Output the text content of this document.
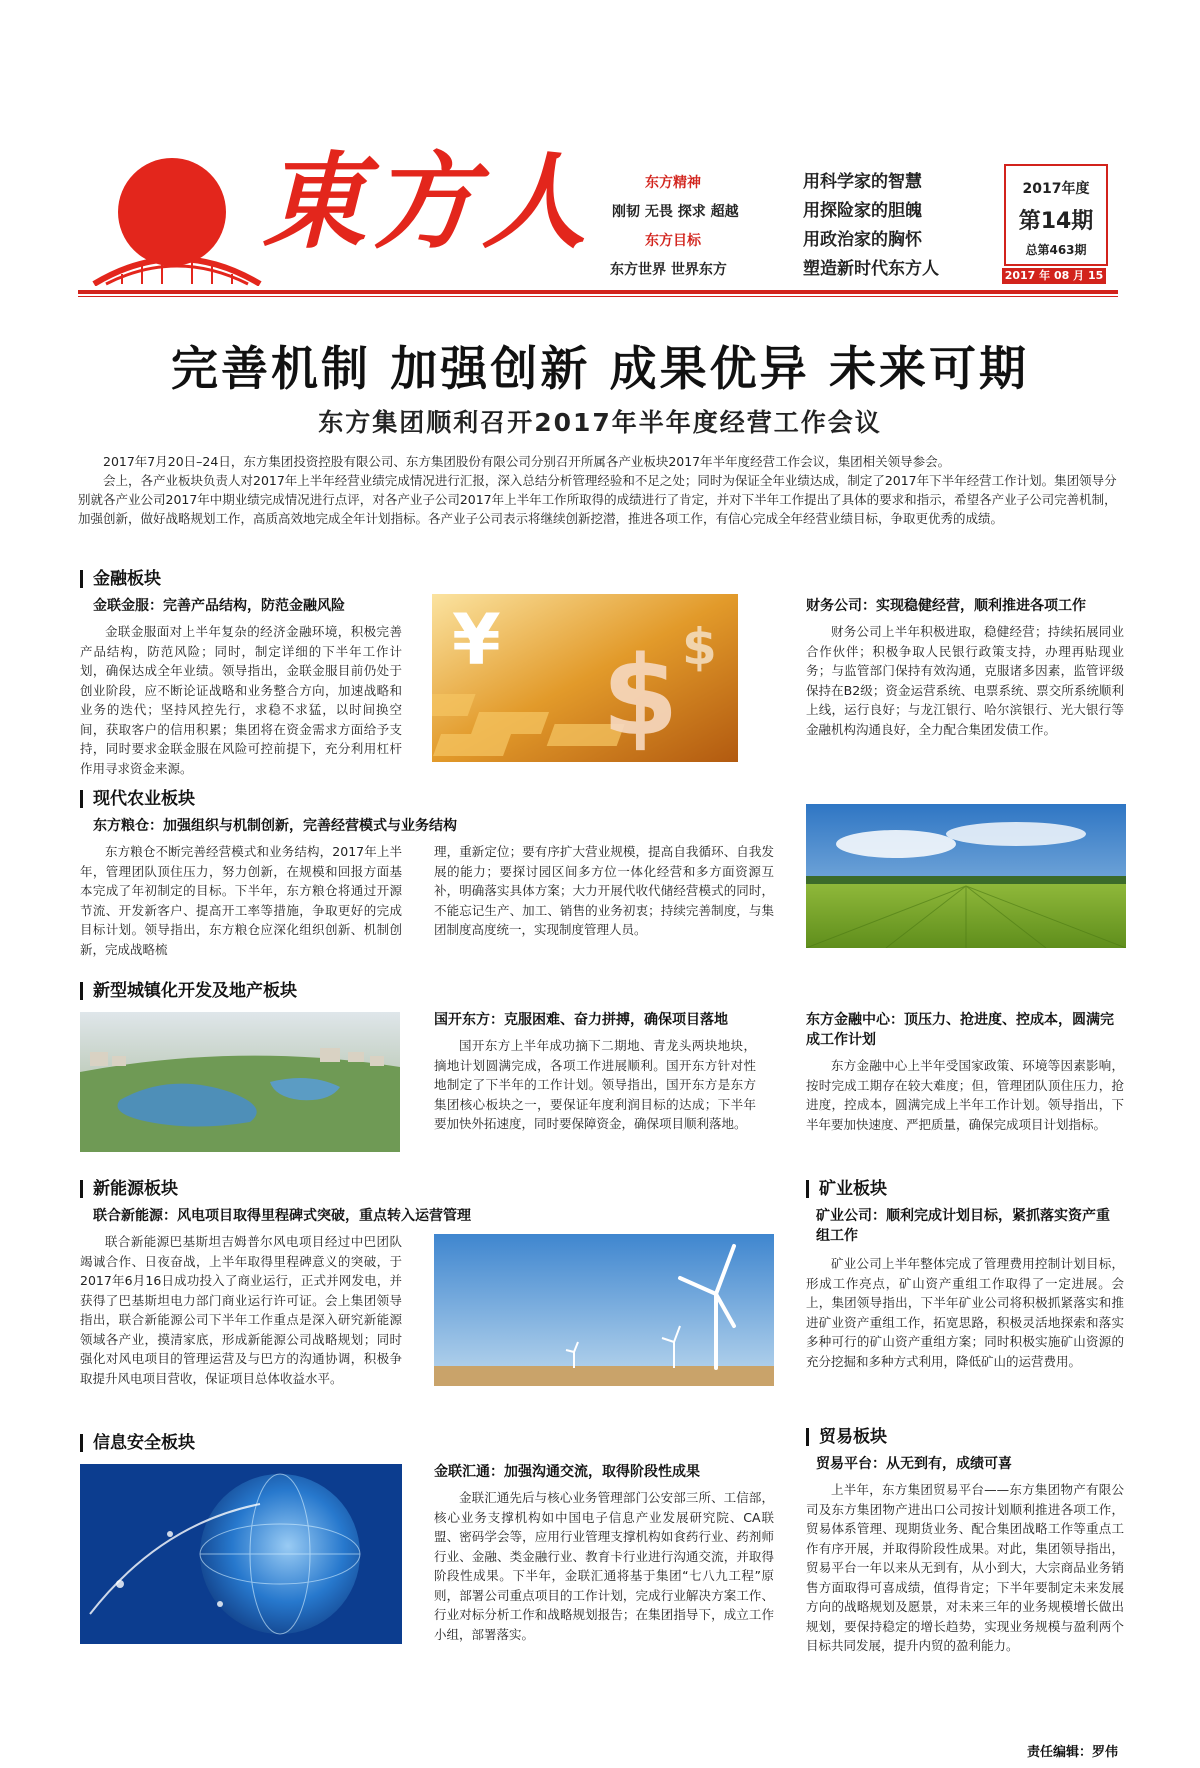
東方人	东方精神
刚韧 无畏 探求 超越
东方目标
东方世界 世界东方
用科学家的智慧
用探险家的胆魄
用政治家的胸怀
塑造新时代东方人
2017年度
第14期
总第463期
2017 年 08 月 15
完善机制 加强创新 成果优异 未来可期
东方集团顺利召开2017年半年度经营工作会议
2017年7月20日–24日，东方集团投资控股有限公司、东方集团股份有限公司分别召开所属各产业板块2017年半年度经营工作会议，集团相关领导参会。
会上，各产业板块负责人对2017年上半年经营业绩完成情况进行汇报，深入总结分析管理经验和不足之处；同时为保证全年业绩达成，制定了2017年下半年经营工作计划。集团领导分别就各产业公司2017年中期业绩完成情况进行点评，对各产业子公司2017年上半年工作所取得的成绩进行了肯定，并对下半年工作提出了具体的要求和指示，希望各产业子公司完善机制，加强创新，做好战略规划工作，高质高效地完成全年计划指标。各产业子公司表示将继续创新挖潜，推进各项工作，有信心完成全年经营业绩目标，争取更优秀的成绩。
金融板块
金联金服：完善产品结构，防范金融风险
金联金服面对上半年复杂的经济金融环境，积极完善产品结构，防范风险；同时，制定详细的下半年工作计划，确保达成全年业绩。领导指出，金联金服目前仍处于创业阶段，应不断论证战略和业务整合方向，加速战略和业务的迭代；坚持风控先行，求稳不求猛，以时间换空间，获取客户的信用积累；集团将在资金需求方面给予支持，同时要求金联金服在风险可控前提下，充分利用杠杆作用寻求资金来源。
¥ $ $
财务公司：实现稳健经营，顺利推进各项工作
财务公司上半年积极进取，稳健经营；持续拓展同业合作伙伴；积极争取人民银行政策支持，办理再贴现业务；与监管部门保持有效沟通，克服诸多因素，监管评级保持在B2级；资金运营系统、电票系统、票交所系统顺利上线，运行良好；与龙江银行、哈尔滨银行、光大银行等金融机构沟通良好，全力配合集团发债工作。
现代农业板块
东方粮仓：加强组织与机制创新，完善经营模式与业务结构
东方粮仓不断完善经营模式和业务结构，2017年上半年，管理团队顶住压力，努力创新，在规模和回报方面基本完成了年初制定的目标。下半年，东方粮仓将通过开源节流、开发新客户、提高开工率等措施，争取更好的完成目标计划。领导指出，东方粮仓应深化组织创新、机制创新，完成战略梳
理，重新定位；要有序扩大营业规模，提高自我循环、自我发展的能力；要探讨园区间多方位一体化经营和多方面资源互补，明确落实具体方案；大力开展代收代储经营模式的同时，不能忘记生产、加工、销售的业务初衷；持续完善制度，与集团制度高度统一，实现制度管理人员。
新型城镇化开发及地产板块
国开东方：克服困难、奋力拼搏，确保项目落地
国开东方上半年成功摘下二期地、青龙头两块地块，摘地计划圆满完成，各项工作进展顺利。国开东方针对性地制定了下半年的工作计划。领导指出，国开东方是东方集团核心板块之一，要保证年度利润目标的达成；下半年要加快外拓速度，同时要保障资金，确保项目顺利落地。
东方金融中心：顶压力、抢进度、控成本，圆满完成工作计划
东方金融中心上半年受国家政策、环境等因素影响，按时完成工期存在较大难度；但，管理团队顶住压力，抢进度，控成本，圆满完成上半年工作计划。领导指出，下半年要加快速度、严把质量，确保完成项目计划指标。
新能源板块
联合新能源：风电项目取得里程碑式突破，重点转入运营管理
联合新能源巴基斯坦吉姆普尔风电项目经过中巴团队竭诚合作、日夜奋战，上半年取得里程碑意义的突破，于2017年6月16日成功投入了商业运行，正式并网发电，并获得了巴基斯坦电力部门商业运行许可证。会上集团领导指出，联合新能源公司下半年工作重点是深入研究新能源领域各产业，摸清家底，形成新能源公司战略规划；同时强化对风电项目的管理运营及与巴方的沟通协调，积极争取提升风电项目营收，保证项目总体收益水平。
矿业板块
矿业公司：顺利完成计划目标，紧抓落实资产重组工作
矿业公司上半年整体完成了管理费用控制计划目标，形成工作亮点，矿山资产重组工作取得了一定进展。会上，集团领导指出，下半年矿业公司将积极抓紧落实和推进矿业资产重组工作，拓宽思路，积极灵活地探索和落实多种可行的矿山资产重组方案；同时积极实施矿山资源的充分挖掘和多种方式利用，降低矿山的运营费用。
信息安全板块
金联汇通：加强沟通交流，取得阶段性成果
金联汇通先后与核心业务管理部门公安部三所、工信部，核心业务支撑机构如中国电子信息产业发展研究院、CA联盟、密码学会等，应用行业管理支撑机构如食药行业、药剂师行业、金融、类金融行业、教育卡行业进行沟通交流，并取得阶段性成果。下半年，金联汇通将基于集团“七八九工程”原则，部署公司重点项目的工作计划，完成行业解决方案工作、行业对标分析工作和战略规划报告；在集团指导下，成立工作小组，部署落实。
贸易板块
贸易平台：从无到有，成绩可喜
上半年，东方集团贸易平台——东方集团物产有限公司及东方集团物产进出口公司按计划顺利推进各项工作，贸易体系管理、现期货业务、配合集团战略工作等重点工作有序开展，并取得阶段性成果。对此，集团领导指出，贸易平台一年以来从无到有，从小到大，大宗商品业务销售方面取得可喜成绩，值得肯定；下半年要制定未来发展方向的战略规划及愿景，对未来三年的业务规模增长做出规划，要保持稳定的增长趋势，实现业务规模与盈利两个目标共同发展，提升内贸的盈利能力。
责任编辑：罗伟
